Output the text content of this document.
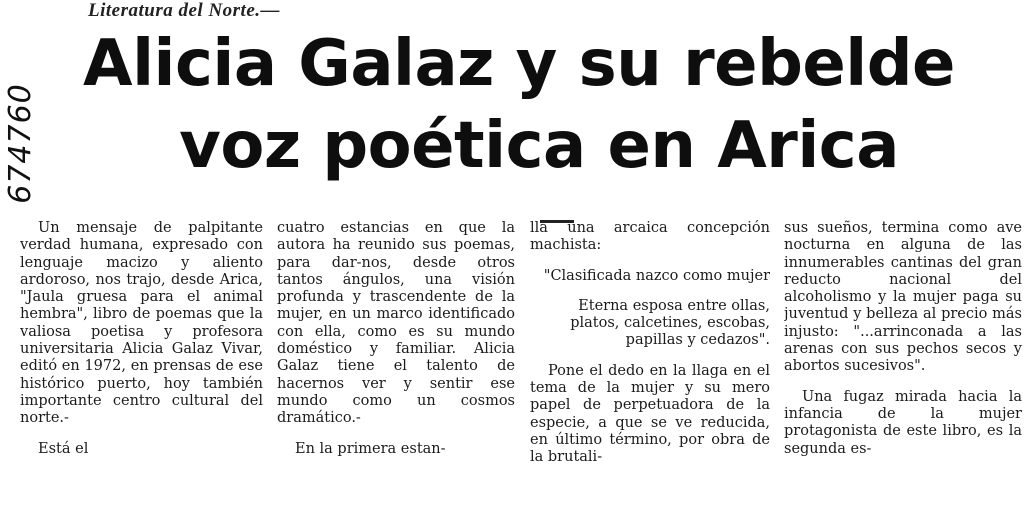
Literatura del Norte.—
674760
Alicia Galaz y su rebelde
voz poética en Arica

Un mensaje de palpitante verdad humana, expresado con lenguaje macizo y aliento ardoroso, nos trajo, desde Arica, "Jaula gruesa para el animal hembra", libro de poemas que la valiosa poetisa y profesora universitaria Alicia Galaz Vivar, editó en 1972, en prensas de ese histórico puerto, hoy también importante centro cultural del norte.-

Está el

cuatro estancias en que la autora ha reunido sus poemas, para dar-nos, desde otros tantos ángulos, una visión profunda y trascendente de la mujer, en un marco identificado con ella, como es su mundo doméstico y familiar. Alicia Galaz tiene el talento de hacernos ver y sentir ese mundo como un cosmos dramático.-

En la primera estan-

lla una arcaica concepción machista:

"Clasificada nazco como mujer

Eterna esposa entre ollas, platos, calcetines, escobas, papillas y cedazos".

Pone el dedo en la llaga en el tema de la mujer y su mero papel de perpetuadora de la especie, a que se ve reducida, en último término, por obra de la brutali-

sus sueños, termina como ave nocturna en alguna de las innumerables cantinas del gran reducto nacional del alcoholismo y la mujer paga su juventud y belleza al precio más injusto: "...arrinconada a las arenas con sus pechos secos y abortos sucesivos".

Una fugaz mirada hacia la infancia de la mujer protagonista de este libro, es la segunda es-
